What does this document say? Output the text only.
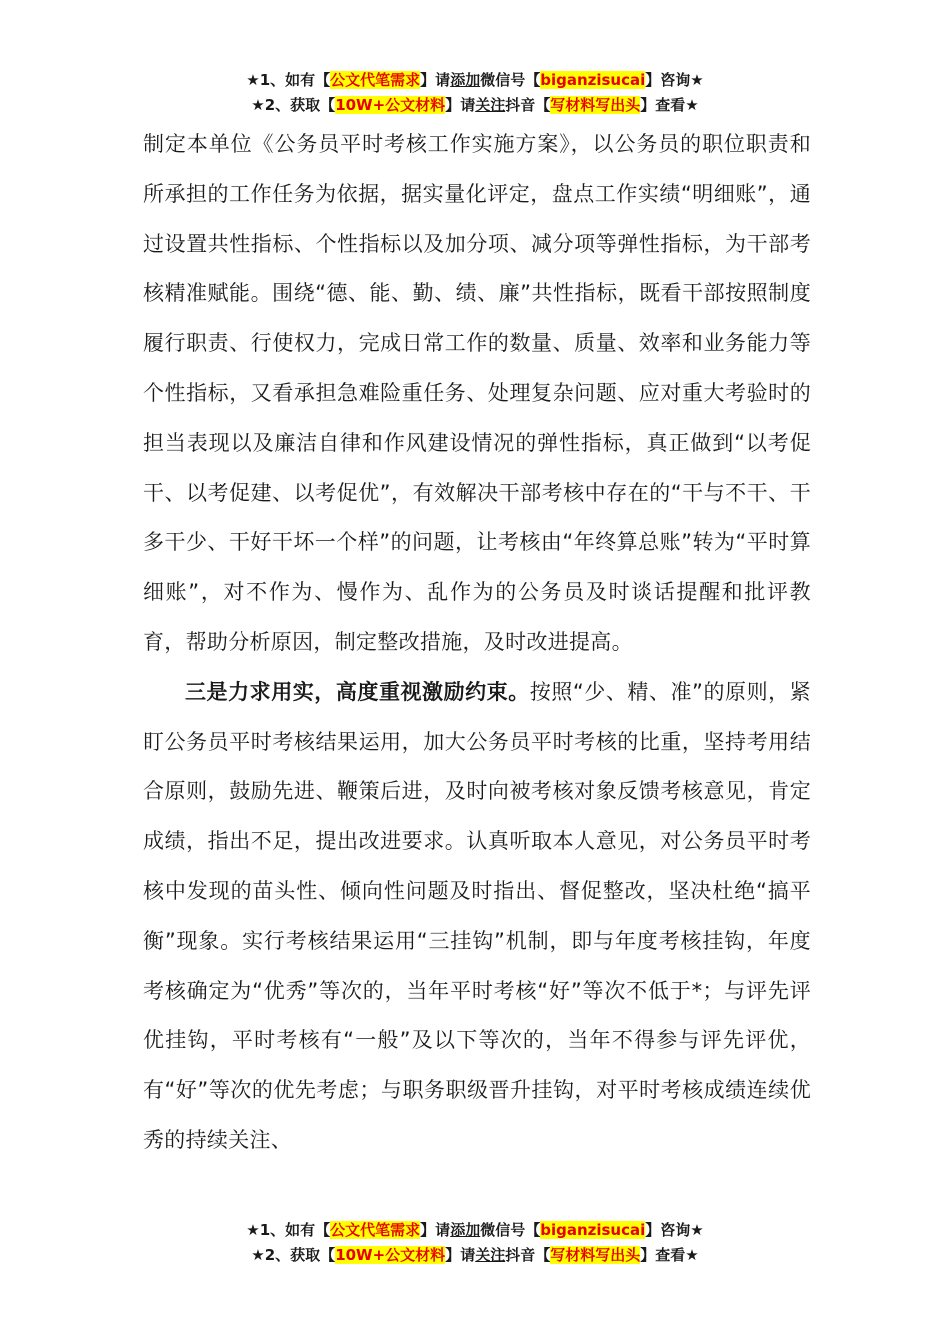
★1、如有【公文代笔需求】请添加微信号【biganzisucai】咨询★
★2、获取【10W+公文材料】请关注抖音【写材料写出头】查看★

制定本单位《公务员平时考核工作实施方案》，以公务员的职位职责和所承担的工作任务为依据，据实量化评定，盘点工作实绩“明细账”，通过设置共性指标、个性指标以及加分项、减分项等弹性指标，为干部考核精准赋能。围绕“德、能、勤、绩、廉”共性指标，既看干部按照制度履行职责、行使权力，完成日常工作的数量、质量、效率和业务能力等个性指标，又看承担急难险重任务、处理复杂问题、应对重大考验时的担当表现以及廉洁自律和作风建设情况的弹性指标，真正做到“以考促干、以考促建、以考促优”，有效解决干部考核中存在的“干与不干、干多干少、干好干坏一个样”的问题，让考核由“年终算总账”转为“平时算细账”，对不作为、慢作为、乱作为的公务员及时谈话提醒和批评教育，帮助分析原因，制定整改措施，及时改进提高。

三是力求用实，高度重视激励约束。按照“少、精、准”的原则，紧盯公务员平时考核结果运用，加大公务员平时考核的比重，坚持考用结合原则，鼓励先进、鞭策后进，及时向被考核对象反馈考核意见，肯定成绩，指出不足，提出改进要求。认真听取本人意见，对公务员平时考核中发现的苗头性、倾向性问题及时指出、督促整改，坚决杜绝“搞平衡”现象。实行考核结果运用“三挂钩”机制，即与年度考核挂钩，年度考核确定为“优秀”等次的，当年平时考核“好”等次不低于*；与评先评优挂钩，平时考核有“一般”及以下等次的，当年不得参与评先评优，有“好”等次的优先考虑；与职务职级晋升挂钩，对平时考核成绩连续优秀的持续关注、

★1、如有【公文代笔需求】请添加微信号【biganzisucai】咨询★
★2、获取【10W+公文材料】请关注抖音【写材料写出头】查看★
